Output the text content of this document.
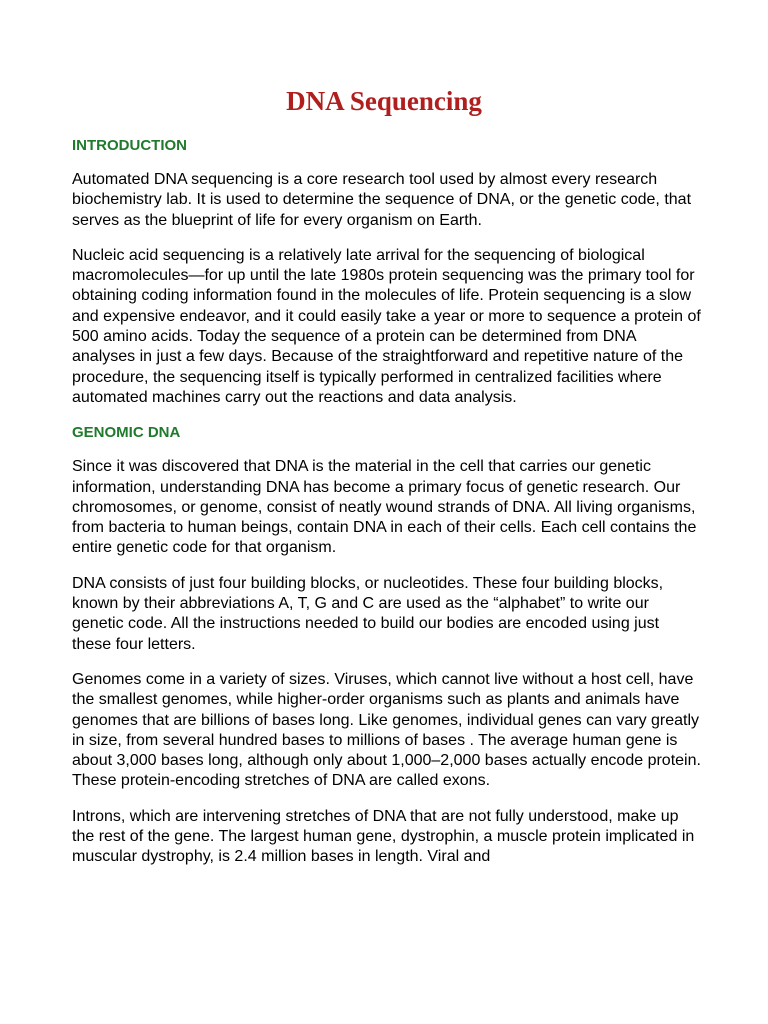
DNA Sequencing
INTRODUCTION

Automated DNA sequencing is a core research tool used by almost every research biochemistry lab. It is used to determine the sequence of DNA, or the genetic code, that serves as the blueprint of life for every organism on Earth.

Nucleic acid sequencing is a relatively late arrival for the sequencing of biological macromolecules—for up until the late 1980s protein sequencing was the primary tool for obtaining coding information found in the molecules of life. Protein sequencing is a slow and expensive endeavor, and it could easily take a year or more to sequence a protein of 500 amino acids. Today the sequence of a protein can be determined from DNA analyses in just a few days. Because of the straightforward and repetitive nature of the procedure, the sequencing itself is typically performed in centralized facilities where automated machines carry out the reactions and data analysis.

GENOMIC DNA

Since it was discovered that DNA is the material in the cell that carries our genetic information, understanding DNA has become a primary focus of genetic research. Our chromosomes, or genome, consist of neatly wound strands of DNA. All living organisms, from bacteria to human beings, contain DNA in each of their cells. Each cell contains the entire genetic code for that organism.

DNA consists of just four building blocks, or nucleotides. These four building blocks, known by their abbreviations A, T, G and C are used as the “alphabet” to write our genetic code. All the instructions needed to build our bodies are encoded using just these four letters.

Genomes come in a variety of sizes. Viruses, which cannot live without a host cell, have the smallest genomes, while higher-order organisms such as plants and animals have genomes that are billions of bases long. Like genomes, individual genes can vary greatly in size, from several hundred bases to millions of bases . The average human gene is about 3,000 bases long, although only about 1,000–2,000 bases actually encode protein. These protein-encoding stretches of DNA are called exons.

Introns, which are intervening stretches of DNA that are not fully understood, make up the rest of the gene. The largest human gene, dystrophin, a muscle protein implicated in muscular dystrophy, is 2.4 million bases in length. Viral and
